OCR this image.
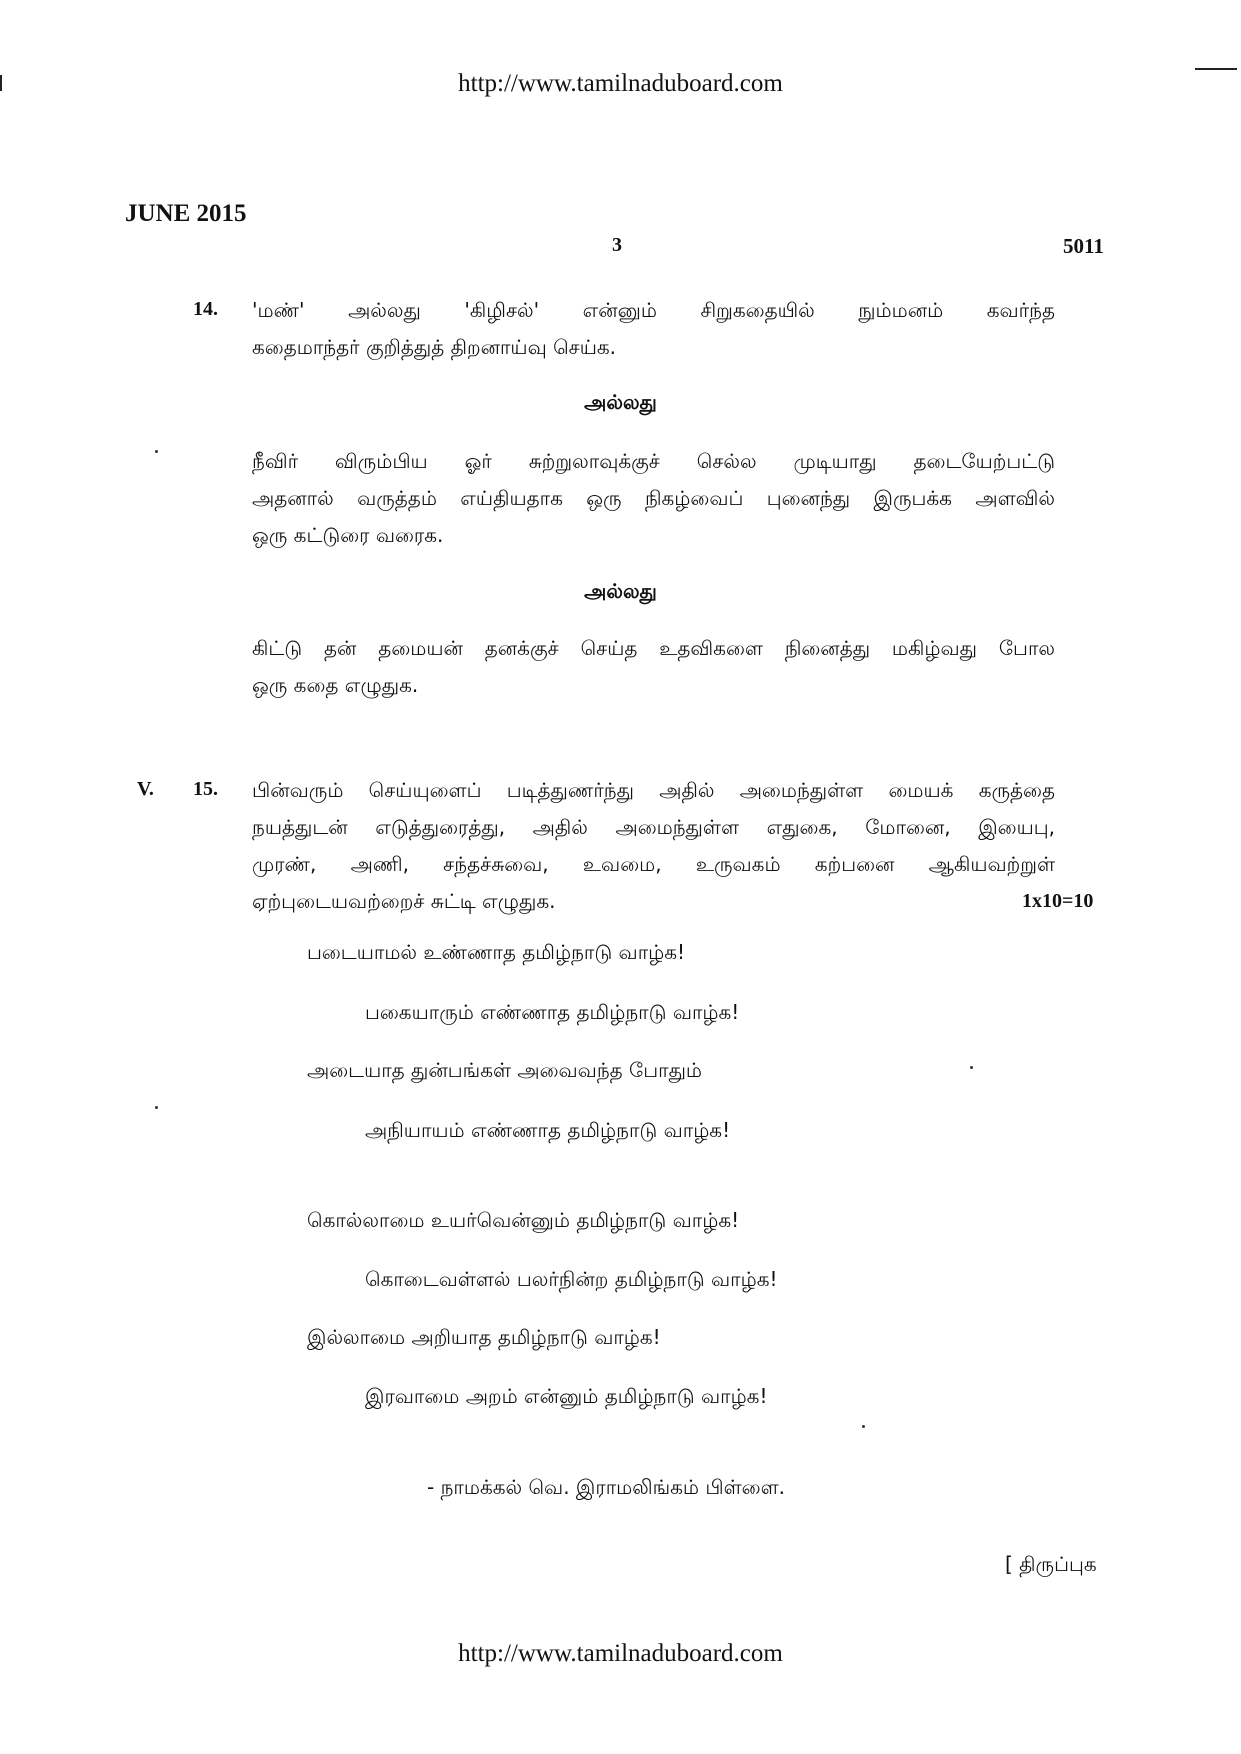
http://www.tamilnaduboard.com
JUNE 2015
3	5011
14. 'மண்' அல்லது 'கிழிசல்' என்னும் சிறுகதையில் நும்மனம் கவர்ந்த
கதைமாந்தர் குறித்துத் திறனாய்வு செய்க.
அல்லது
நீவிர் விரும்பிய ஓர் சுற்றுலாவுக்குச் செல்ல முடியாது தடையேற்பட்டு
அதனால் வருத்தம் எய்தியதாக ஒரு நிகழ்வைப் புனைந்து இருபக்க அளவில்
ஒரு கட்டுரை வரைக.
அல்லது
கிட்டு தன் தமையன் தனக்குச் செய்த உதவிகளை நினைத்து மகிழ்வது போல
ஒரு கதை எழுதுக.
V. 15. பின்வரும் செய்யுளைப் படித்துணர்ந்து அதில் அமைந்துள்ள மையக் கருத்தை
நயத்துடன் எடுத்துரைத்து, அதில் அமைந்துள்ள எதுகை, மோனை, இயைபு,
முரண், அணி, சந்தச்சுவை, உவமை, உருவகம் கற்பனை ஆகியவற்றுள்
ஏற்புடையவற்றைச் சுட்டி எழுதுக.	1x10=10
படையாமல் உண்ணாத தமிழ்நாடு வாழ்க!
பகையாரும் எண்ணாத தமிழ்நாடு வாழ்க!
அடையாத துன்பங்கள் அவைவந்த போதும்
அநியாயம் எண்ணாத தமிழ்நாடு வாழ்க!
கொல்லாமை உயர்வென்னும் தமிழ்நாடு வாழ்க!
கொடைவள்ளல் பலர்நின்ற தமிழ்நாடு வாழ்க!
இல்லாமை அறியாத தமிழ்நாடு வாழ்க!
இரவாமை அறம் என்னும் தமிழ்நாடு வாழ்க!
- நாமக்கல் வெ. இராமலிங்கம் பிள்ளை.
[ திருப்புக
http://www.tamilnaduboard.com
